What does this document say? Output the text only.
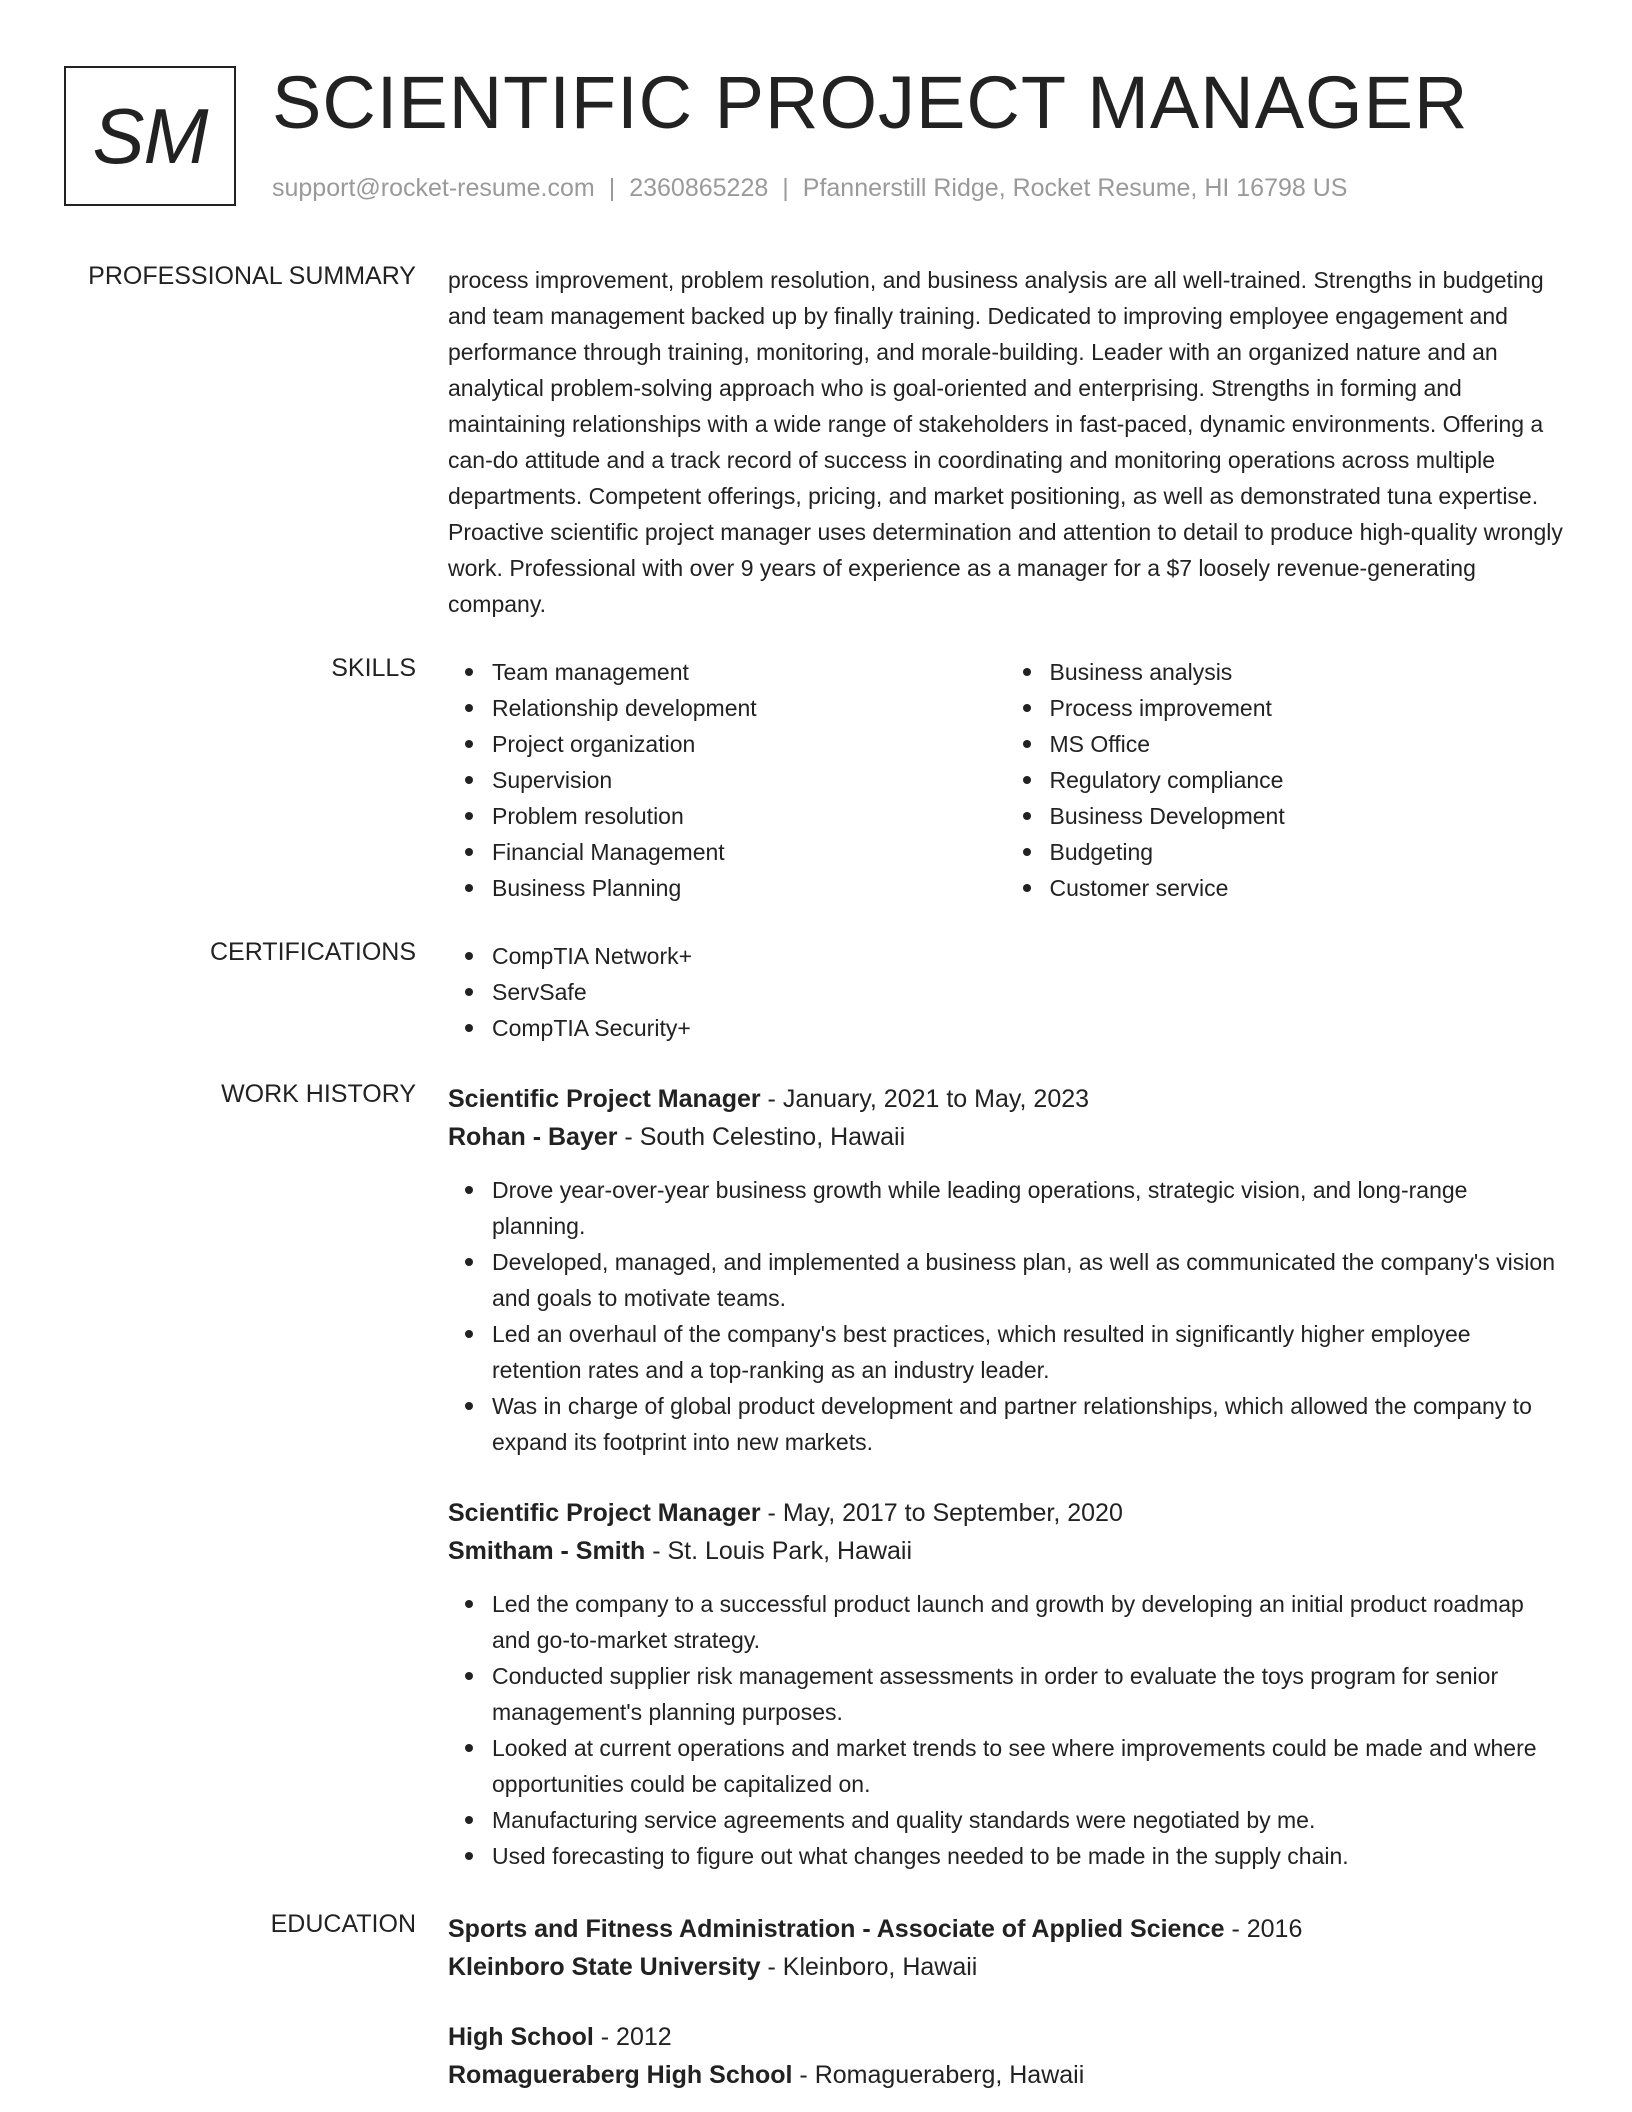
SM SCIENTIFIC PROJECT MANAGER
support@rocket-resume.com | 2360865228 | Pfannerstill Ridge, Rocket Resume, HI 16798 US
PROFESSIONAL SUMMARY process improvement, problem resolution, and business analysis are all well-trained. Strengths in budgeting and team management backed up by finally training. Dedicated to improving employee engagement and performance through training, monitoring, and morale-building. Leader with an organized nature and an analytical problem-solving approach who is goal-oriented and enterprising. Strengths in forming and maintaining relationships with a wide range of stakeholders in fast-paced, dynamic environments. Offering a can-do attitude and a track record of success in coordinating and monitoring operations across multiple departments. Competent offerings, pricing, and market positioning, as well as demonstrated tuna expertise. Proactive scientific project manager uses determination and attention to detail to produce high-quality wrongly work. Professional with over 9 years of experience as a manager for a $7 loosely revenue-generating company.

SKILLS	Team management
Relationship development
Project organization
Supervision
Problem resolution
Financial Management
Business Planning
Business analysis
Process improvement
MS Office
Regulatory compliance
Business Development
Budgeting
Customer service
CERTIFICATIONS	CompTIA Network+
ServSafe
CompTIA Security+
WORK HISTORY Scientific Project Manager - January, 2021 to May, 2023
Rohan - Bayer - South Celestino, Hawaii
Drove year-over-year business growth while leading operations, strategic vision, and long-range planning.
Developed, managed, and implemented a business plan, as well as communicated the company's vision and goals to motivate teams.
Led an overhaul of the company's best practices, which resulted in significantly higher employee retention rates and a top-ranking as an industry leader.
Was in charge of global product development and partner relationships, which allowed the company to expand its footprint into new markets.
Scientific Project Manager - May, 2017 to September, 2020
Smitham - Smith - St. Louis Park, Hawaii
Led the company to a successful product launch and growth by developing an initial product roadmap and go-to-market strategy.
Conducted supplier risk management assessments in order to evaluate the toys program for senior management's planning purposes.
Looked at current operations and market trends to see where improvements could be made and where opportunities could be capitalized on.
Manufacturing service agreements and quality standards were negotiated by me.
Used forecasting to figure out what changes needed to be made in the supply chain.
EDUCATION Sports and Fitness Administration - Associate of Applied Science - 2016
Kleinboro State University - Kleinboro, Hawaii
High School - 2012
Romagueraberg High School - Romagueraberg, Hawaii
